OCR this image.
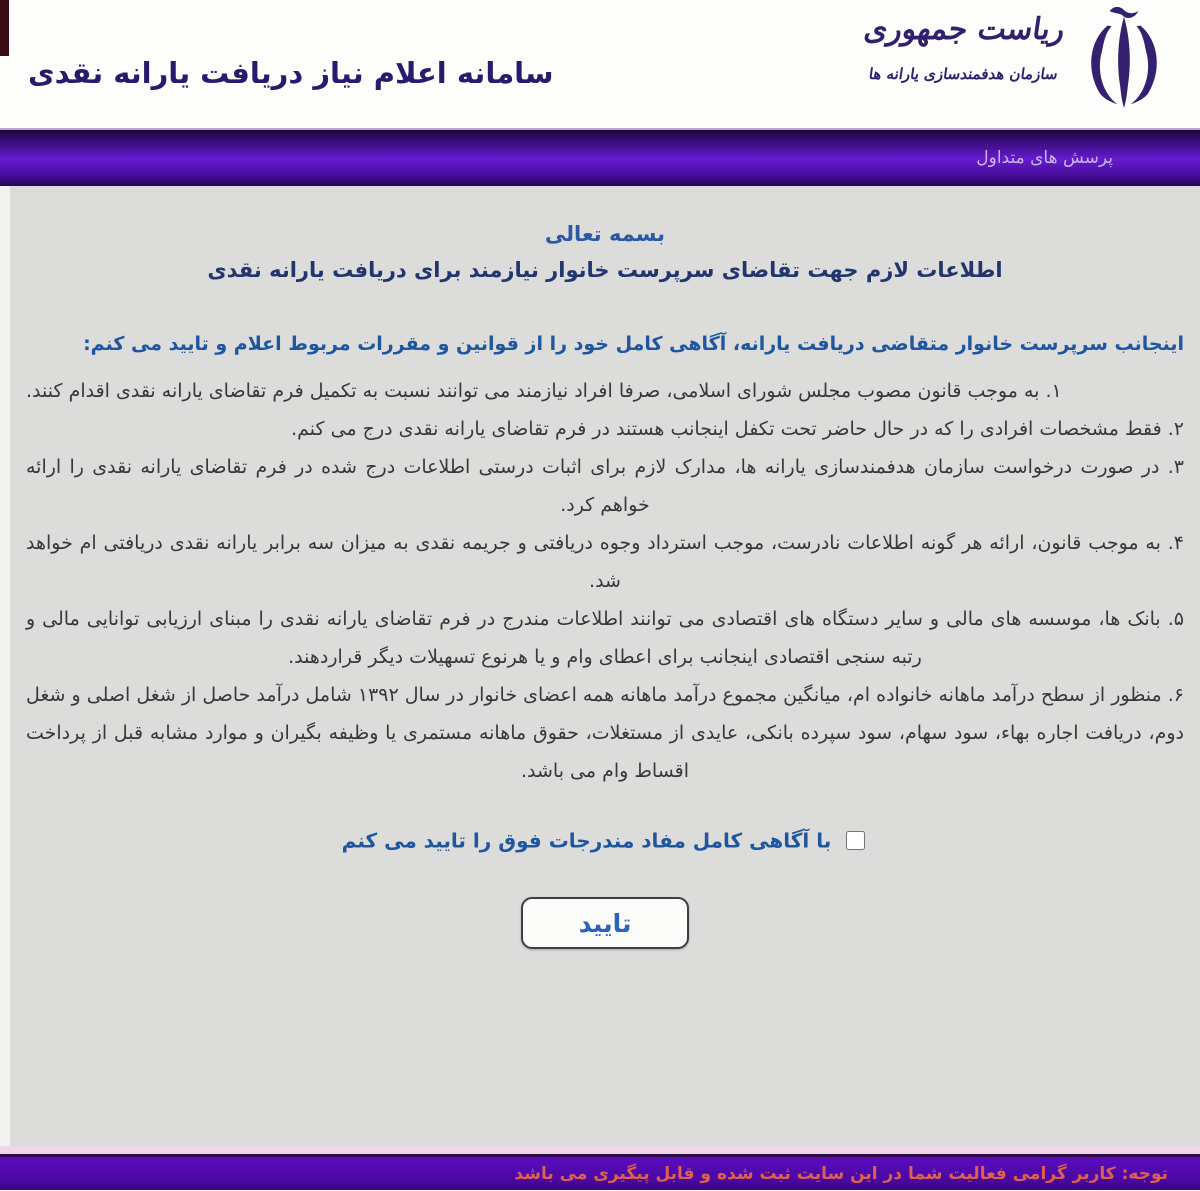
سامانه اعلام نیاز دریافت یارانه نقدی
ریاست جمهوری
سازمان هدفمندسازی یارانه ها
پرسش های متداول
بسمه تعالی
اطلاعات لازم جهت تقاضای سرپرست خانوار نیازمند برای دریافت یارانه نقدی
اینجانب سرپرست خانوار متقاضی دریافت یارانه، آگاهی کامل خود را از قوانین و مقررات مربوط اعلام و تایید می کنم:

۱. به موجب قانون مصوب مجلس شورای اسلامی، صرفا افراد نیازمند می توانند نسبت به تکمیل فرم تقاضای یارانه نقدی اقدام کنند.

۲. فقط مشخصات افرادی را که در حال حاضر تحت تکفل اینجانب هستند در فرم تقاضای یارانه نقدی درج می کنم.

۳. در صورت درخواست سازمان هدفمندسازی یارانه ها، مدارک لازم برای اثبات درستی اطلاعات درج شده در فرم تقاضای یارانه نقدی را ارائه خواهم کرد.

۴. به موجب قانون، ارائه هر گونه اطلاعات نادرست، موجب استرداد وجوه دریافتی و جریمه نقدی به میزان سه برابر یارانه نقدی دریافتی ام خواهد شد.

۵. بانک ها، موسسه های مالی و سایر دستگاه های اقتصادی می توانند اطلاعات مندرج در فرم تقاضای یارانه نقدی را مبنای ارزیابی توانایی مالی و رتبه سنجی اقتصادی اینجانب برای اعطای وام و یا هرنوع تسهیلات دیگر قراردهند.

۶. منظور از سطح درآمد ماهانه خانواده ام، میانگین مجموع درآمد ماهانه همه اعضای خانوار در سال ۱۳۹۲ شامل درآمد حاصل از شغل اصلی و شغل دوم، دریافت اجاره بهاء، سود سهام، سود سپرده بانکی، عایدی از مستغلات، حقوق ماهانه مستمری یا وظیفه بگیران و موارد مشابه قبل از پرداخت اقساط وام می باشد.

با آگاهی کامل مفاد مندرجات فوق را تایید می کنم
تایید
توجه: کاربر گرامی فعالیت شما در این سایت ثبت شده و قابل پیگیری می باشد
